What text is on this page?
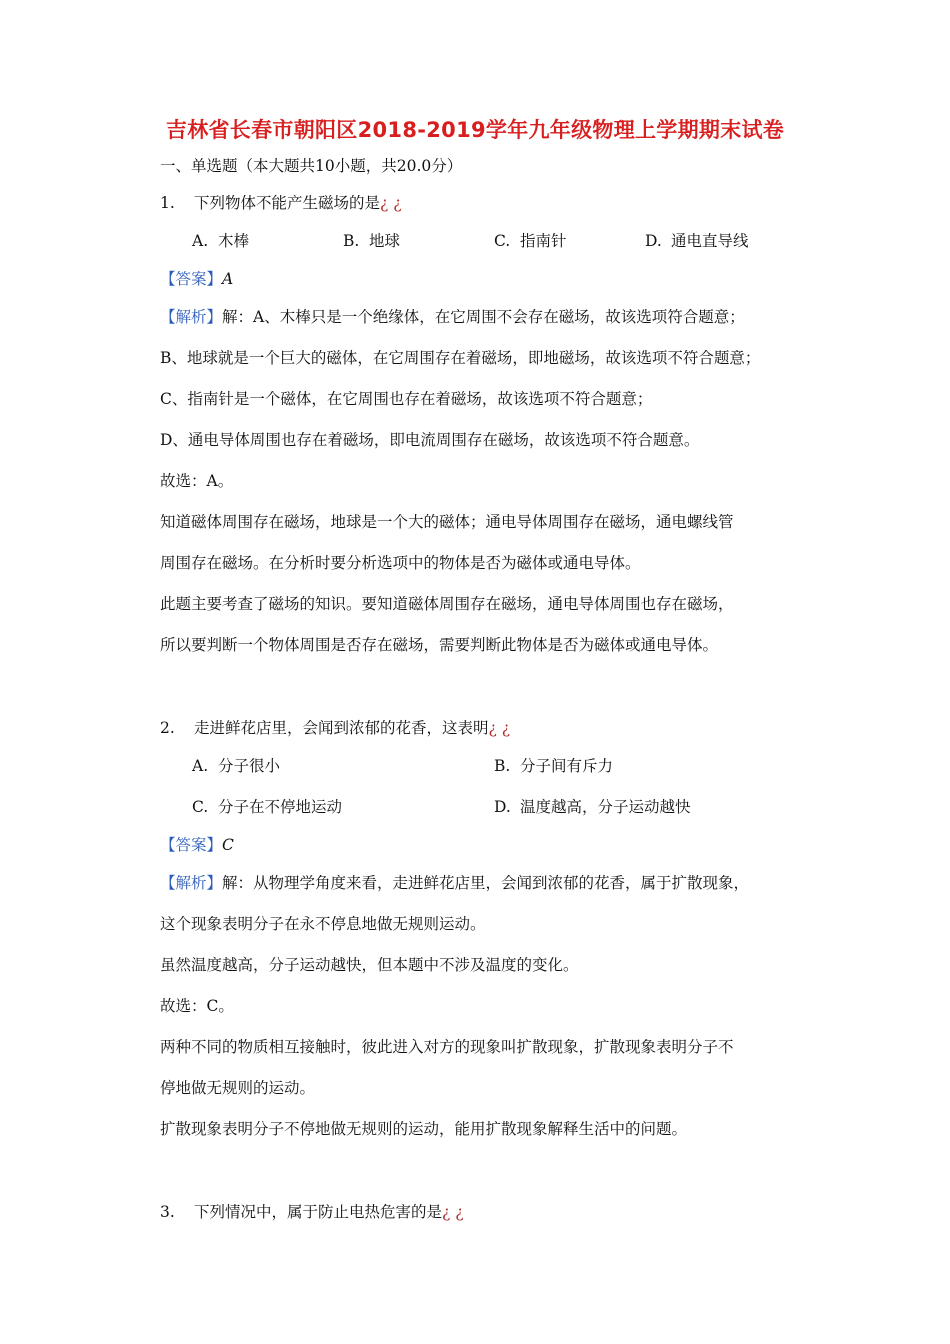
吉林省长春市朝阳区2018-2019学年九年级物理上学期期末试卷
一、单选题（本大题共10小题，共20.0分）
1. 下列物体不能产生磁场的是¿ ¿
A. 木棒	B. 地球	C. 指南针	D. 通电直导线
【答案】A
【解析】解：A、木棒只是一个绝缘体，在它周围不会存在磁场，故该选项符合题意；
B、地球就是一个巨大的磁体，在它周围存在着磁场，即地磁场，故该选项不符合题意；
C、指南针是一个磁体，在它周围也存在着磁场，故该选项不符合题意；
D、通电导体周围也存在着磁场，即电流周围存在磁场，故该选项不符合题意。
故选：A。
知道磁体周围存在磁场，地球是一个大的磁体；通电导体周围存在磁场，通电螺线管
周围存在磁场。在分析时要分析选项中的物体是否为磁体或通电导体。
此题主要考查了磁场的知识。要知道磁体周围存在磁场，通电导体周围也存在磁场，
所以要判断一个物体周围是否存在磁场，需要判断此物体是否为磁体或通电导体。
2. 走进鲜花店里，会闻到浓郁的花香，这表明¿ ¿
A. 分子很小	B. 分子间有斥力
C. 分子在不停地运动	D. 温度越高，分子运动越快
【答案】C
【解析】解：从物理学角度来看，走进鲜花店里，会闻到浓郁的花香，属于扩散现象，
这个现象表明分子在永不停息地做无规则运动。
虽然温度越高，分子运动越快，但本题中不涉及温度的变化。
故选：C。
两种不同的物质相互接触时，彼此进入对方的现象叫扩散现象，扩散现象表明分子不
停地做无规则的运动。
扩散现象表明分子不停地做无规则的运动，能用扩散现象解释生活中的问题。
3. 下列情况中，属于防止电热危害的是¿ ¿
